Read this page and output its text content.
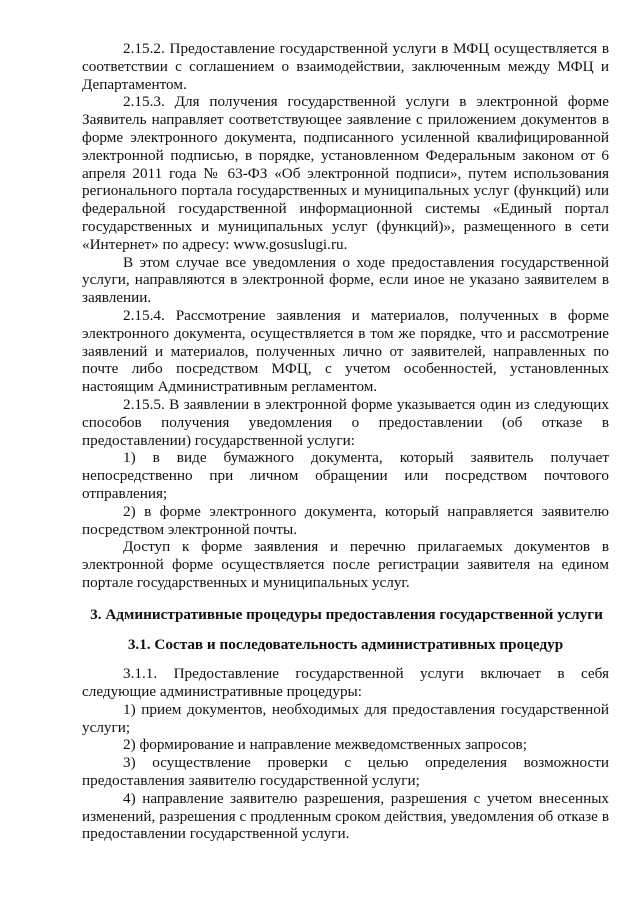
2.15.2. Предоставление государственной услуги в МФЦ осуществляется в соответствии с соглашением о взаимодействии, заключенным между МФЦ и Департаментом.

2.15.3. Для получения государственной услуги в электронной форме Заявитель направляет соответствующее заявление с приложением документов в форме электронного документа, подписанного усиленной квалифицированной электронной подписью, в порядке, установленном Федеральным законом от 6 апреля 2011 года № 63-ФЗ «Об электронной подписи», путем использования регионального портала государственных и муниципальных услуг (функций) или федеральной государственной информационной системы «Единый портал государственных и муниципальных услуг (функций)», размещенного в сети «Интернет» по адресу: www.gosuslugi.ru.

В этом случае все уведомления о ходе предоставления государственной услуги, направляются в электронной форме, если иное не указано заявителем в заявлении.

2.15.4. Рассмотрение заявления и материалов, полученных в форме электронного документа, осуществляется в том же порядке, что и рассмотрение заявлений и материалов, полученных лично от заявителей, направленных по почте либо посредством МФЦ, с учетом особенностей, установленных настоящим Административным регламентом.

2.15.5. В заявлении в электронной форме указывается один из следующих способов получения уведомления о предоставлении (об отказе в предоставлении) государственной услуги:

1) в виде бумажного документа, который заявитель получает непосредственно при личном обращении или посредством почтового отправления;

2) в форме электронного документа, который направляется заявителю посредством электронной почты.

Доступ к форме заявления и перечню прилагаемых документов в электронной форме осуществляется после регистрации заявителя на едином портале государственных и муниципальных услуг.

3. Административные процедуры предоставления государственной услуги

3.1. Состав и последовательность административных процедур

3.1.1. Предоставление государственной услуги включает в себя следующие административные процедуры:

1) прием документов, необходимых для предоставления государственной услуги;

2) формирование и направление межведомственных запросов;

3) осуществление проверки с целью определения возможности предоставления заявителю государственной услуги;

4) направление заявителю разрешения, разрешения с учетом внесенных изменений, разрешения с продленным сроком действия, уведомления об отказе в предоставлении государственной услуги.
